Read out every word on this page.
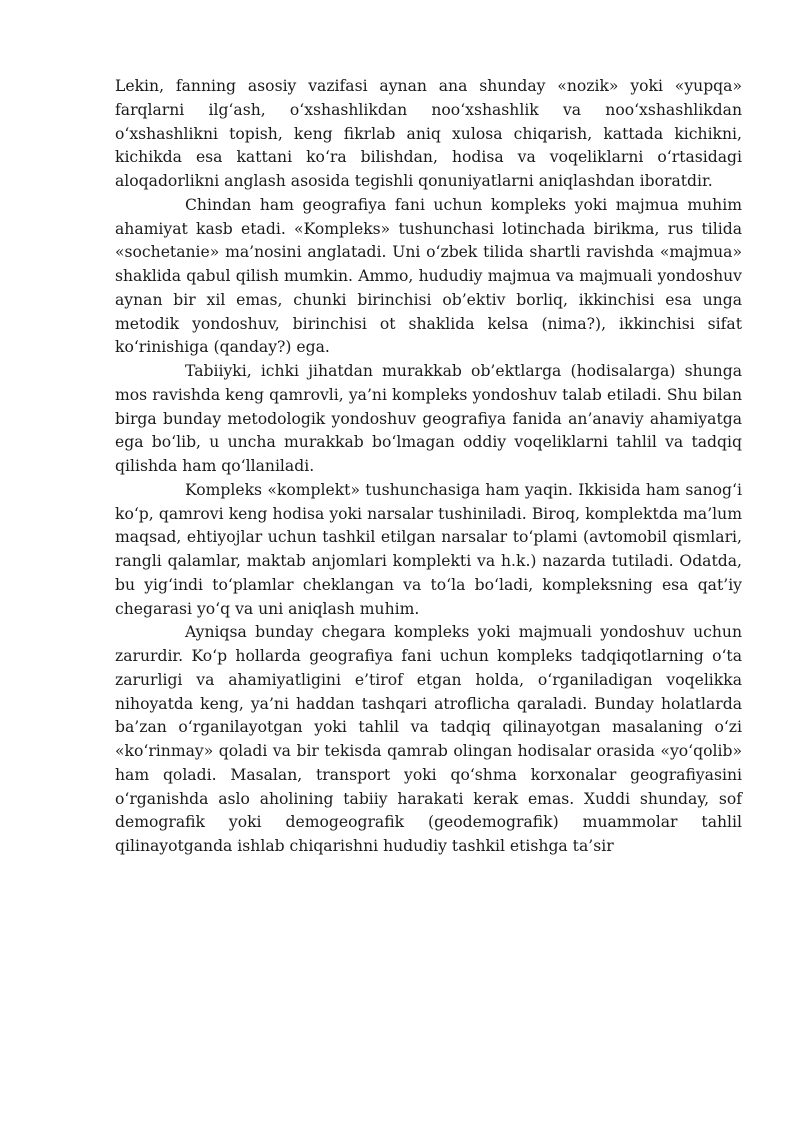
Lekin, fanning asosiy vazifasi aynan ana shunday «nozik» yoki «yupqa» farqlarni ilg‘ash, o‘xshashlikdan noo‘xshashlik va noo‘xshashlikdan o‘xshashlikni topish, keng fikrlab aniq xulosa chiqarish, kattada kichikni, kichikda esa kattani ko‘ra bilishdan, hodisa va voqeliklarni o‘rtasidagi aloqadorlikni anglash asosida tegishli qonuniyatlarni aniqlashdan iboratdir.

Chindan ham geografiya fani uchun kompleks yoki majmua muhim ahamiyat kasb etadi. «Kompleks» tushunchasi lotinchada birikma, rus tilida «sochetanie» ma’nosini anglatadi. Uni o‘zbek tilida shartli ravishda «majmua» shaklida qabul qilish mumkin. Ammo, hududiy majmua va majmuali yondoshuv aynan bir xil emas, chunki birinchisi ob’ektiv borliq, ikkinchisi esa unga metodik yondoshuv, birinchisi ot shaklida kelsa (nima?), ikkinchisi sifat ko‘rinishiga (qanday?) ega.

Tabiiyki, ichki jihatdan murakkab ob’ektlarga (hodisalarga) shunga mos ravishda keng qamrovli, ya’ni kompleks yondoshuv talab etiladi. Shu bilan birga bunday metodologik yondoshuv geografiya fanida an’anaviy ahamiyatga ega bo‘lib, u uncha murakkab bo‘lmagan oddiy voqeliklarni tahlil va tadqiq qilishda ham qo‘llaniladi.

Kompleks «komplekt» tushunchasiga ham yaqin. Ikkisida ham sanog‘i ko‘p, qamrovi keng hodisa yoki narsalar tushiniladi. Biroq, komplektda ma’lum maqsad, ehtiyojlar uchun tashkil etilgan narsalar to‘plami (avtomobil qismlari, rangli qalamlar, maktab anjomlari komplekti va h.k.) nazarda tutiladi. Odatda, bu yig‘indi to‘plamlar cheklangan va to‘la bo‘ladi, kompleksning esa qat’iy chegarasi yo‘q va uni aniqlash muhim.

Ayniqsa bunday chegara kompleks yoki majmuali yondoshuv uchun zarurdir. Ko‘p hollarda geografiya fani uchun kompleks tadqiqotlarning o‘ta zarurligi va ahamiyatligini e’tirof etgan holda, o‘rganiladigan voqelikka nihoyatda keng, ya’ni haddan tashqari atroflicha qaraladi. Bunday holatlarda ba’zan o‘rganilayotgan yoki tahlil va tadqiq qilinayotgan masalaning o‘zi «ko‘rinmay» qoladi va bir tekisda qamrab olingan hodisalar orasida «yo‘qolib» ham qoladi. Masalan, transport yoki qo‘shma korxonalar geografiyasini o‘rganishda aslo aholining tabiiy harakati kerak emas. Xuddi shunday, sof demografik yoki demogeografik (geodemografik) muammolar tahlil qilinayotganda ishlab chiqarishni hududiy tashkil etishga ta’sir
